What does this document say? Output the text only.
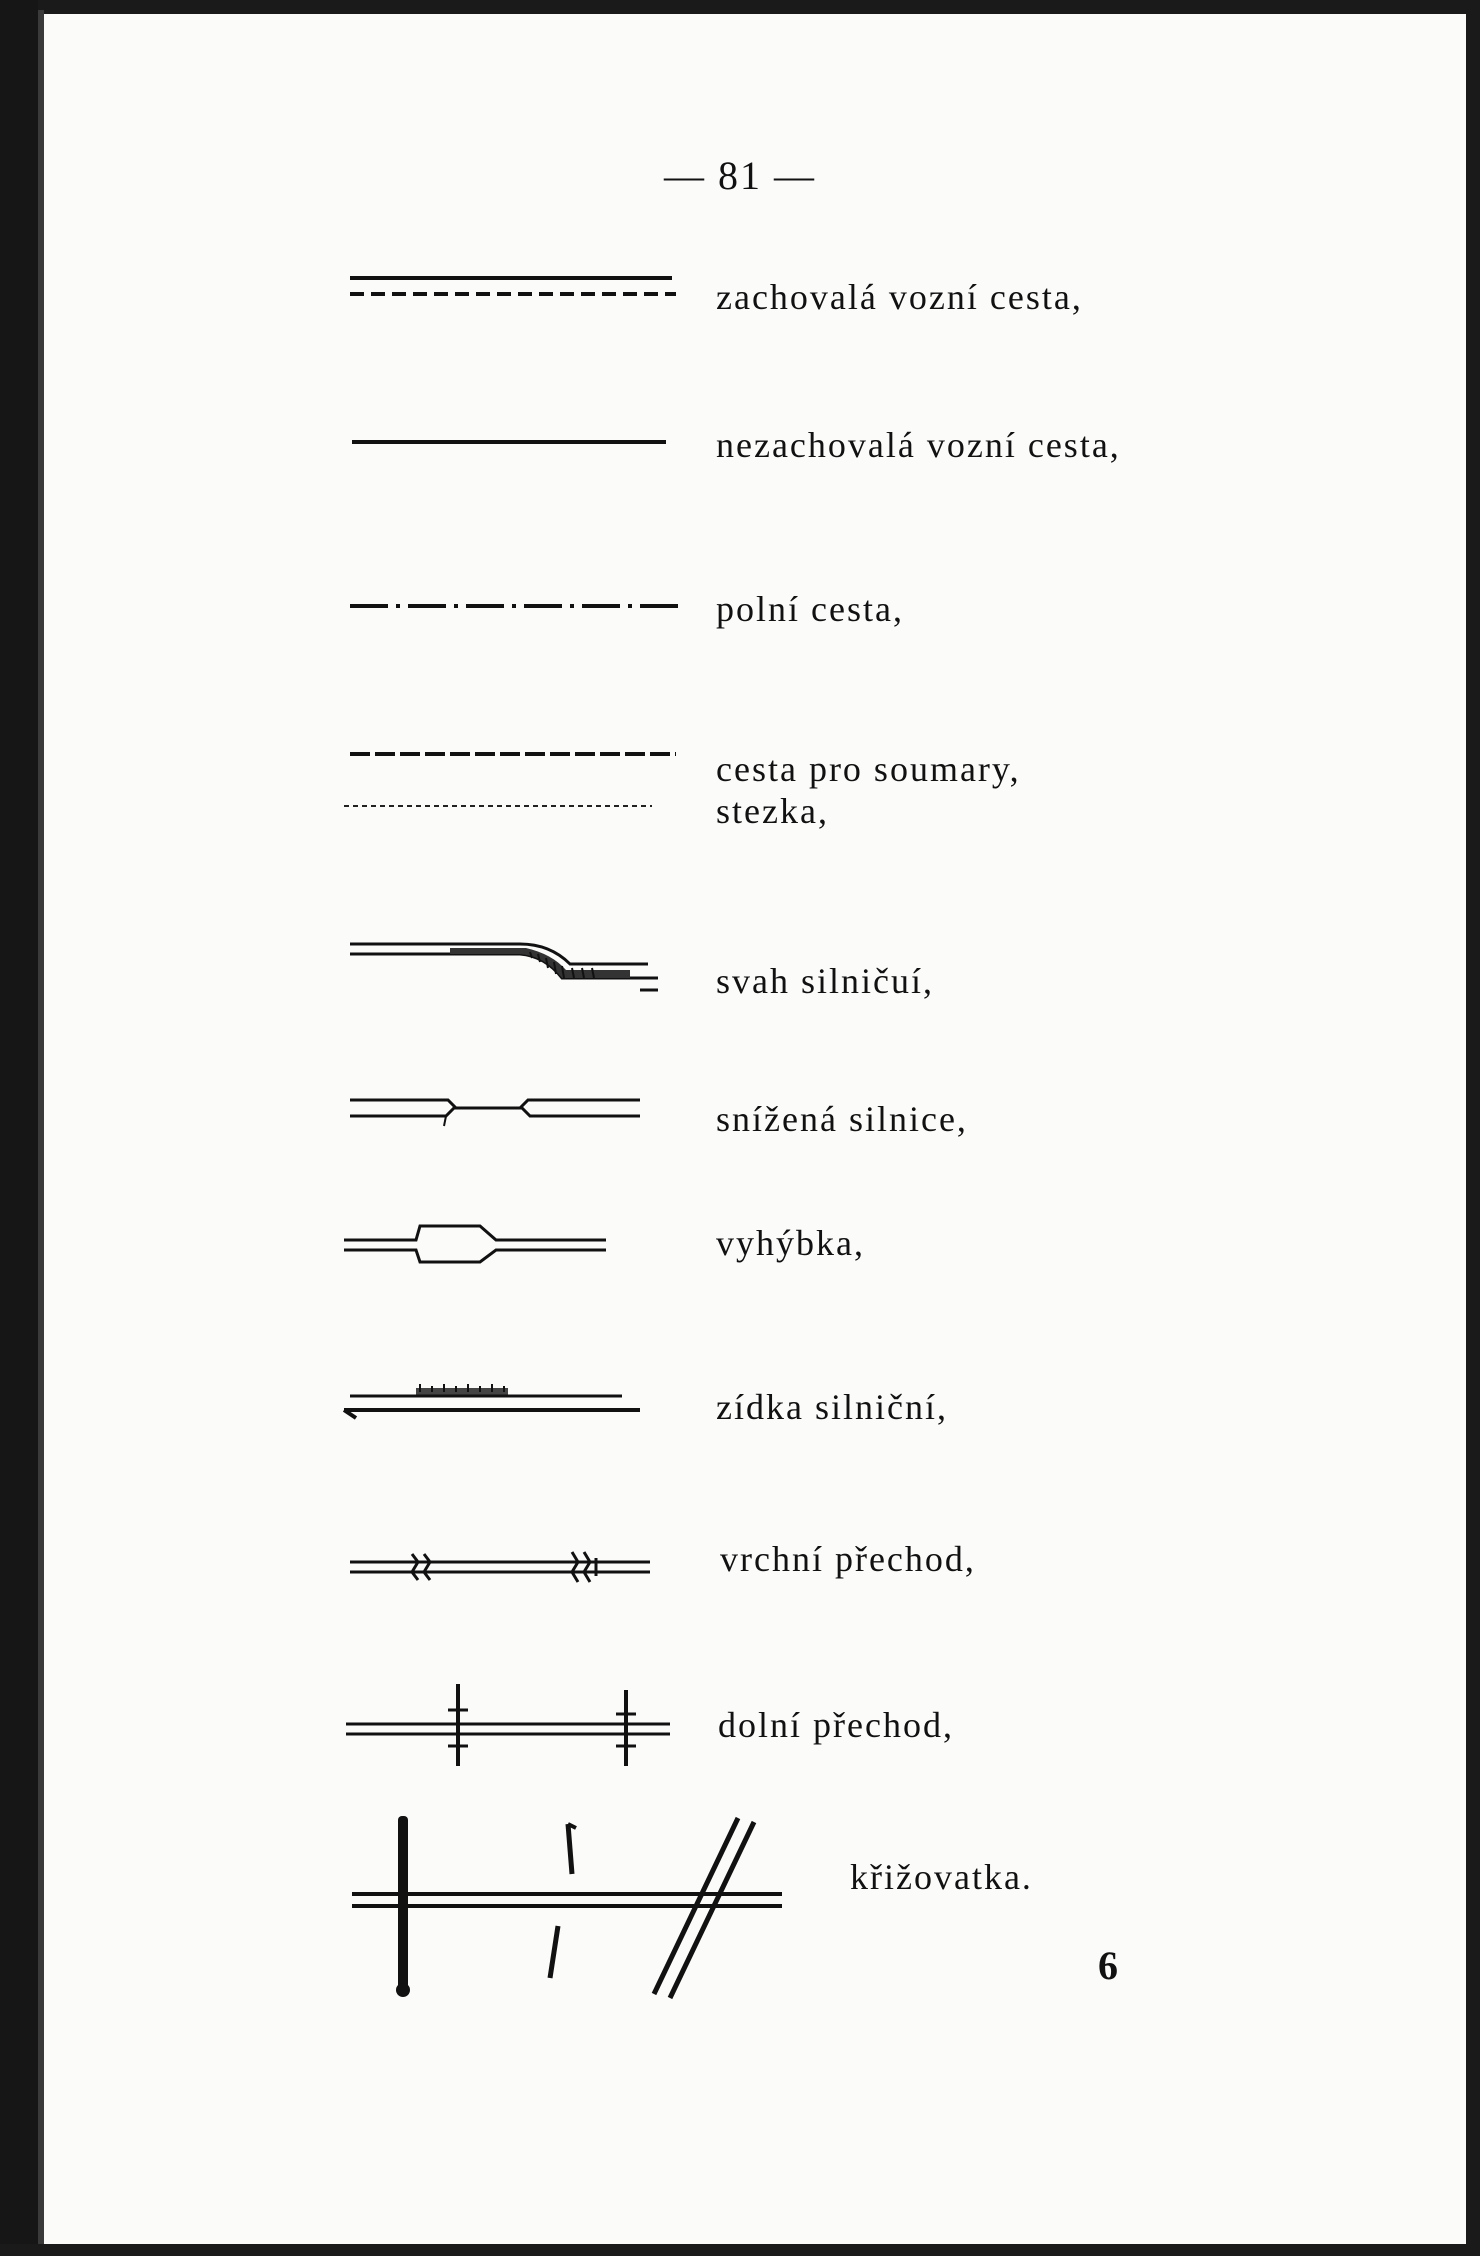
— 81 —
zachovalá vozní cesta,
nezachovalá vozní cesta,
polní cesta,
cesta pro soumary,
stezka,
svah silničuí,
snížená silnice,
vyhýbka,
zídka silniční,
vrchní přechod,
dolní přechod,
křižovatka.
6
